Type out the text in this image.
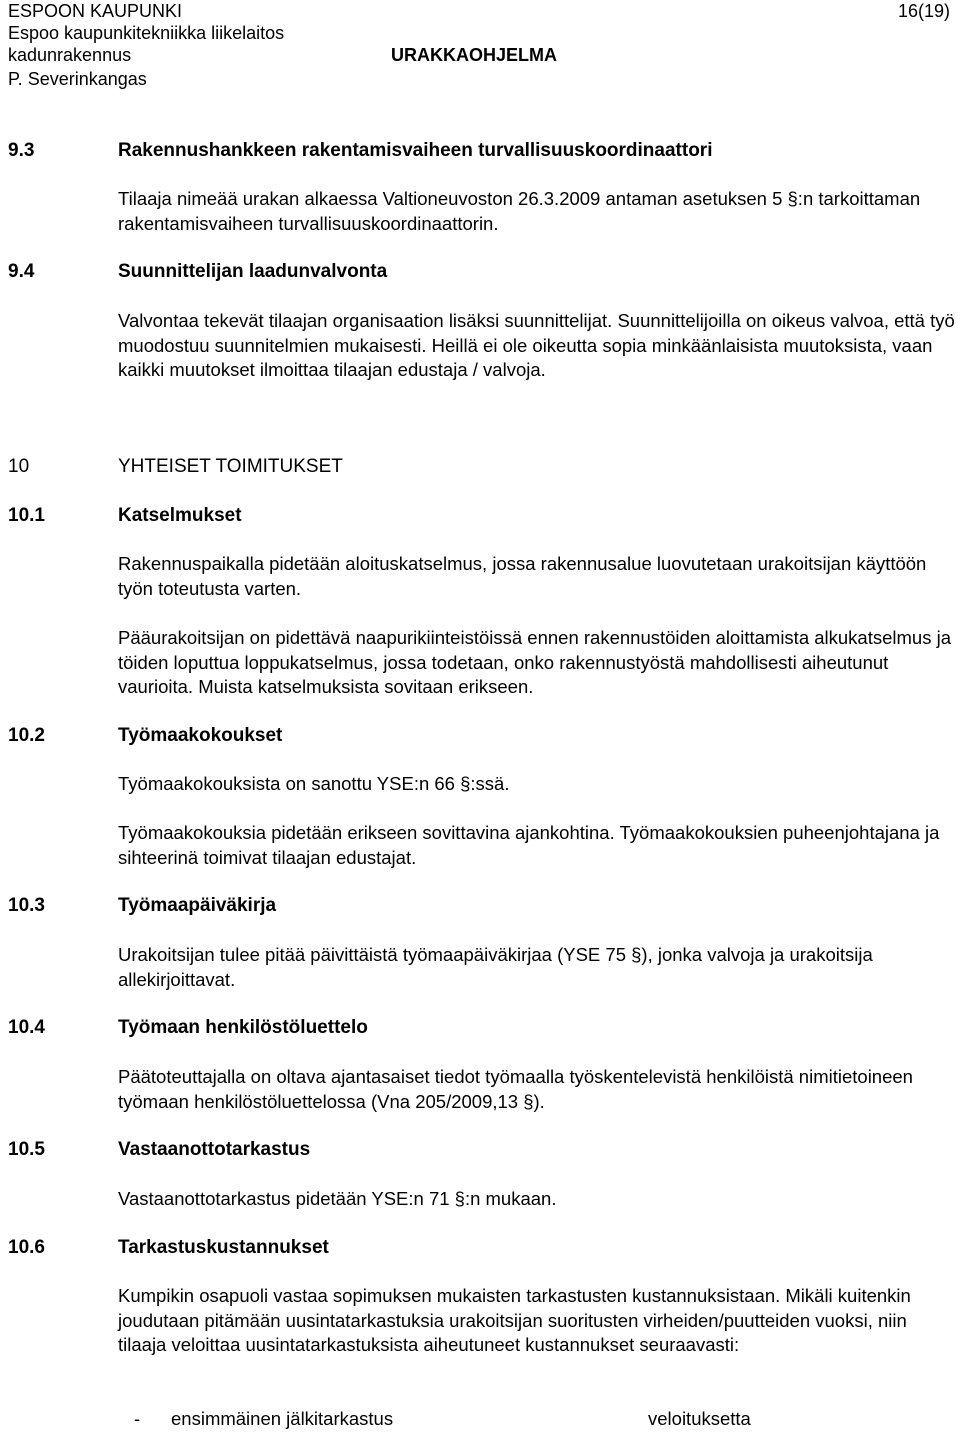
ESPOON KAUPUNKI
Espoo kaupunkitekniikka liikelaitos
kadunrakennus	URAKKAOHJELMA
P. Severinkangas
16(19)
9.3	Rakennushankkeen rakentamisvaiheen turvallisuuskoordinaattori

Tilaaja nimeää urakan alkaessa Valtioneuvoston 26.3.2009 antaman asetuksen 5 §:n tarkoittaman rakentamisvaiheen turvallisuuskoordinaattorin.

9.4	Suunnittelijan laadunvalvonta

Valvontaa tekevät tilaajan organisaation lisäksi suunnittelijat. Suunnittelijoilla on oikeus valvoa, että työ muodostuu suunnitelmien mukaisesti. Heillä ei ole oikeutta sopia minkäänlaisista muutoksista, vaan kaikki muutokset ilmoittaa tilaajan edustaja / valvoja.

10	YHTEISET TOIMITUKSET
10.1	Katselmukset

Rakennuspaikalla pidetään aloituskatselmus, jossa rakennusalue luovutetaan urakoitsijan käyttöön työn toteutusta varten.

Pääurakoitsijan on pidettävä naapurikiinteistöissä ennen rakennustöiden aloittamista alkukatselmus ja töiden loputtua loppukatselmus, jossa todetaan, onko rakennustyöstä mahdollisesti aiheutunut vaurioita. Muista katselmuksista sovitaan erikseen.

10.2	Työmaakokoukset

Työmaakokouksista on sanottu YSE:n 66 §:ssä.

Työmaakokouksia pidetään erikseen sovittavina ajankohtina. Työmaakokouksien puheenjohtajana ja sihteerinä toimivat tilaajan edustajat.

10.3	Työmaapäiväkirja

Urakoitsijan tulee pitää päivittäistä työmaapäiväkirjaa (YSE 75 §), jonka valvoja ja urakoitsija allekirjoittavat.

10.4	Työmaan henkilöstöluettelo

Päätoteuttajalla on oltava ajantasaiset tiedot työmaalla työskentelevistä henkilöistä nimitietoineen työmaan henkilöstöluettelossa (Vna 205/2009,13 §).

10.5	Vastaanottotarkastus

Vastaanottotarkastus pidetään YSE:n 71 §:n mukaan.

10.6	Tarkastuskustannukset

Kumpikin osapuoli vastaa sopimuksen mukaisten tarkastusten kustannuksistaan. Mikäli kuitenkin joudutaan pitämään uusintatarkastuksia urakoitsijan suoritusten virheiden/puutteiden vuoksi, niin tilaaja veloittaa uusintatarkastuksista aiheutuneet kustannukset seuraavasti:

- ensimmäinen jälkitarkastus	veloituksetta
